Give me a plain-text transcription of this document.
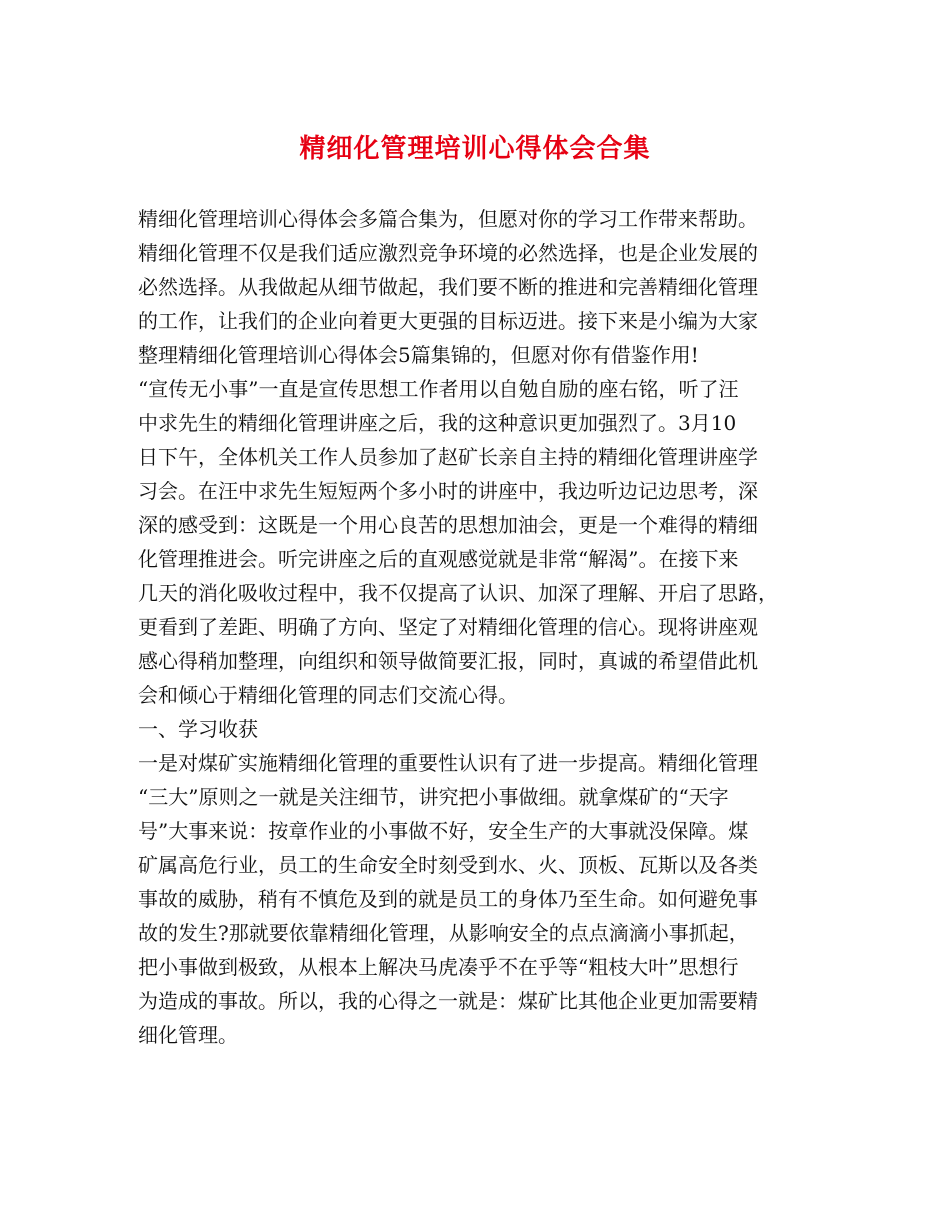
精细化管理培训心得体会合集
精细化管理培训心得体会多篇合集为，但愿对你的学习工作带来帮助。
精细化管理不仅是我们适应激烈竞争环境的必然选择，也是企业发展的
必然选择。从我做起从细节做起，我们要不断的推进和完善精细化管理
的工作，让我们的企业向着更大更强的目标迈进。接下来是小编为大家
整理精细化管理培训心得体会5篇集锦的，但愿对你有借鉴作用!
“宣传无小事”一直是宣传思想工作者用以自勉自励的座右铭，听了汪
中求先生的精细化管理讲座之后，我的这种意识更加强烈了。3月10
日下午，全体机关工作人员参加了赵矿长亲自主持的精细化管理讲座学
习会。在汪中求先生短短两个多小时的讲座中，我边听边记边思考，深
深的感受到：这既是一个用心良苦的思想加油会，更是一个难得的精细
化管理推进会。听完讲座之后的直观感觉就是非常“解渴”。在接下来
几天的消化吸收过程中，我不仅提高了认识、加深了理解、开启了思路，
更看到了差距、明确了方向、坚定了对精细化管理的信心。现将讲座观
感心得稍加整理，向组织和领导做简要汇报，同时，真诚的希望借此机
会和倾心于精细化管理的同志们交流心得。
一、学习收获
一是对煤矿实施精细化管理的重要性认识有了进一步提高。精细化管理
“三大”原则之一就是关注细节，讲究把小事做细。就拿煤矿的“天字
号”大事来说：按章作业的小事做不好，安全生产的大事就没保障。煤
矿属高危行业，员工的生命安全时刻受到水、火、顶板、瓦斯以及各类
事故的威胁，稍有不慎危及到的就是员工的身体乃至生命。如何避免事
故的发生?那就要依靠精细化管理，从影响安全的点点滴滴小事抓起，
把小事做到极致，从根本上解决马虎凑乎不在乎等“粗枝大叶”思想行
为造成的事故。所以，我的心得之一就是：煤矿比其他企业更加需要精
细化管理。
